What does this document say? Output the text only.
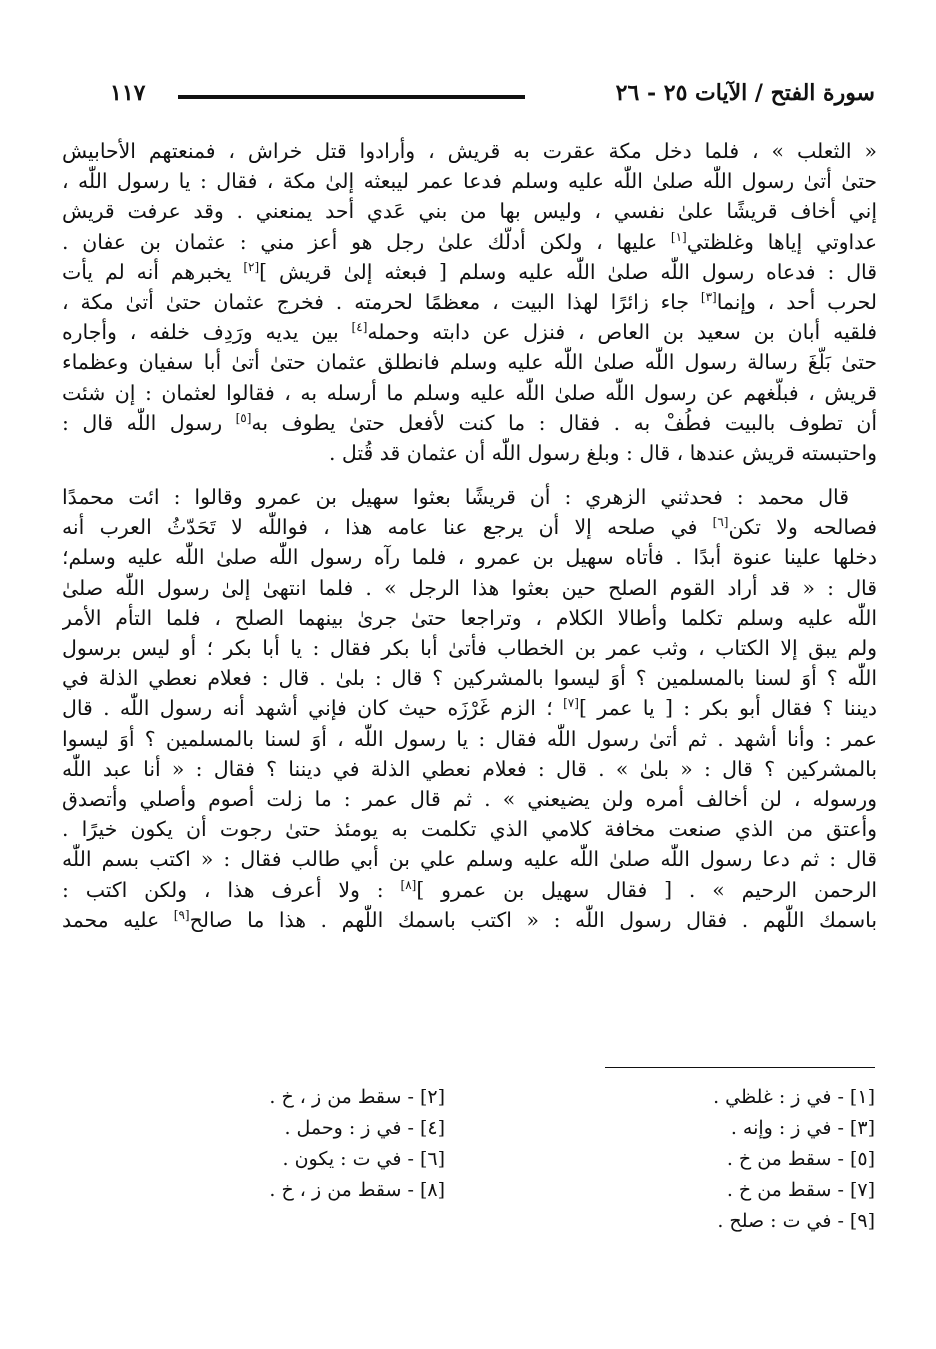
سورة الفتح / الآيات ٢٥ - ٢٦
١١٧
« الثعلب » ، فلما دخل مكة عقرت به قريش ، وأرادوا قتل خراش ، فمنعتهم الأحابيش
حتىٰ أتىٰ رسول اللّٰه صلىٰ اللّٰه عليه وسلم فدعا عمر ليبعثه إلىٰ مكة ، فقال : يا رسول اللّٰه ،
إني أخاف قريشًا علىٰ نفسي ، وليس بها من بني عَدي أحد يمنعني . وقد عرفت قريش
عداوتي إياها وغلظتي[١] عليها ، ولكن أدلّك علىٰ رجل هو أعز مني : عثمان بن عفان .
قال : فدعاه رسول اللّٰه صلىٰ اللّٰه عليه وسلم [ فبعثه إلىٰ قريش ][٢] يخبرهم أنه لم يأت
لحرب أحد ، وإنما[٣] جاء زائرًا لهذا البيت ، معظمًا لحرمته . فخرج عثمان حتىٰ أتىٰ مكة ،
فلقيه أبان بن سعيد بن العاص ، فنزل عن دابته وحمله[٤] بين يديه ورَدِف خلفه ، وأجاره
حتىٰ بَلّغَ رسالة رسول اللّٰه صلىٰ اللّٰه عليه وسلم فانطلق عثمان حتىٰ أتىٰ أبا سفيان وعظماء
قريش ، فبلّغهم عن رسول اللّٰه صلىٰ اللّٰه عليه وسلم ما أرسله به ، فقالوا لعثمان : إن شئت
أن تطوف بالبيت فطُفْ به . فقال : ما كنت لأفعل حتىٰ يطوف به[٥] رسول اللّٰه قال :
واحتبسته قريش عندها ، قال : وبلغ رسول اللّٰه أن عثمان قد قُتل .
قال محمد : فحدثني الزهري : أن قريشًا بعثوا سهيل بن عمرو وقالوا : ائت محمدًا
فصالحه ولا تكن[٦] في صلحه إلا أن يرجع عنا عامه هذا ، فواللّٰه لا تَحَدّثُ العرب أنه
دخلها علينا عنوة أبدًا . فأتاه سهيل بن عمرو ، فلما رآه رسول اللّٰه صلىٰ اللّٰه عليه وسلم؛
قال : « قد أراد القوم الصلح حين بعثوا هذا الرجل » . فلما انتهىٰ إلىٰ رسول اللّٰه صلىٰ
اللّٰه عليه وسلم تكلما وأطالا الكلام ، وتراجعا حتىٰ جرىٰ بينهما الصلح ، فلما التأم الأمر
ولم يبق إلا الكتاب ، وثب عمر بن الخطاب فأتىٰ أبا بكر فقال : يا أبا بكر ؛ أو ليس برسول
اللّٰه ؟ أوَ لسنا بالمسلمين ؟ أوَ ليسوا بالمشركين ؟ قال : بلىٰ . قال : فعلام نعطي الذلة في
ديننا ؟ فقال أبو بكر : [ يا عمر ][٧] ؛ الزم غَرْزَه حيث كان فإني أشهد أنه رسول اللّٰه . قال
عمر : وأنا أشهد . ثم أتىٰ رسول اللّٰه فقال : يا رسول اللّٰه ، أوَ لسنا بالمسلمين ؟ أوَ ليسوا
بالمشركين ؟ قال : « بلىٰ » . قال : فعلام نعطي الذلة في ديننا ؟ فقال : « أنا عبد اللّٰه
ورسوله ، لن أخالف أمره ولن يضيعني » . ثم قال عمر : ما زلت أصوم وأصلي وأتصدق
وأعتق من الذي صنعت مخافة كلامي الذي تكلمت به يومئذ حتىٰ رجوت أن يكون خيرًا .
قال : ثم دعا رسول اللّٰه صلىٰ اللّٰه عليه وسلم علي بن أبي طالب فقال : « اكتب بسم اللّٰه
الرحمن الرحيم » . [ فقال سهيل بن عمرو ][٨] : ولا أعرف هذا ، ولكن اكتب :
باسمك اللّٰهم . فقال رسول اللّٰه : « اكتب باسمك اللّٰهم . هذا ما صالح[٩] عليه محمد
[١] - في ز : غلظي .
[٣] - في ز : وإنه .
[٥] - سقط من خ .
[٧] - سقط من خ .
[٩] - في ت : صلح .
[٢] - سقط من ز ، خ .
[٤] - في ز : وحمل .
[٦] - في ت : يكون .
[٨] - سقط من ز ، خ .
